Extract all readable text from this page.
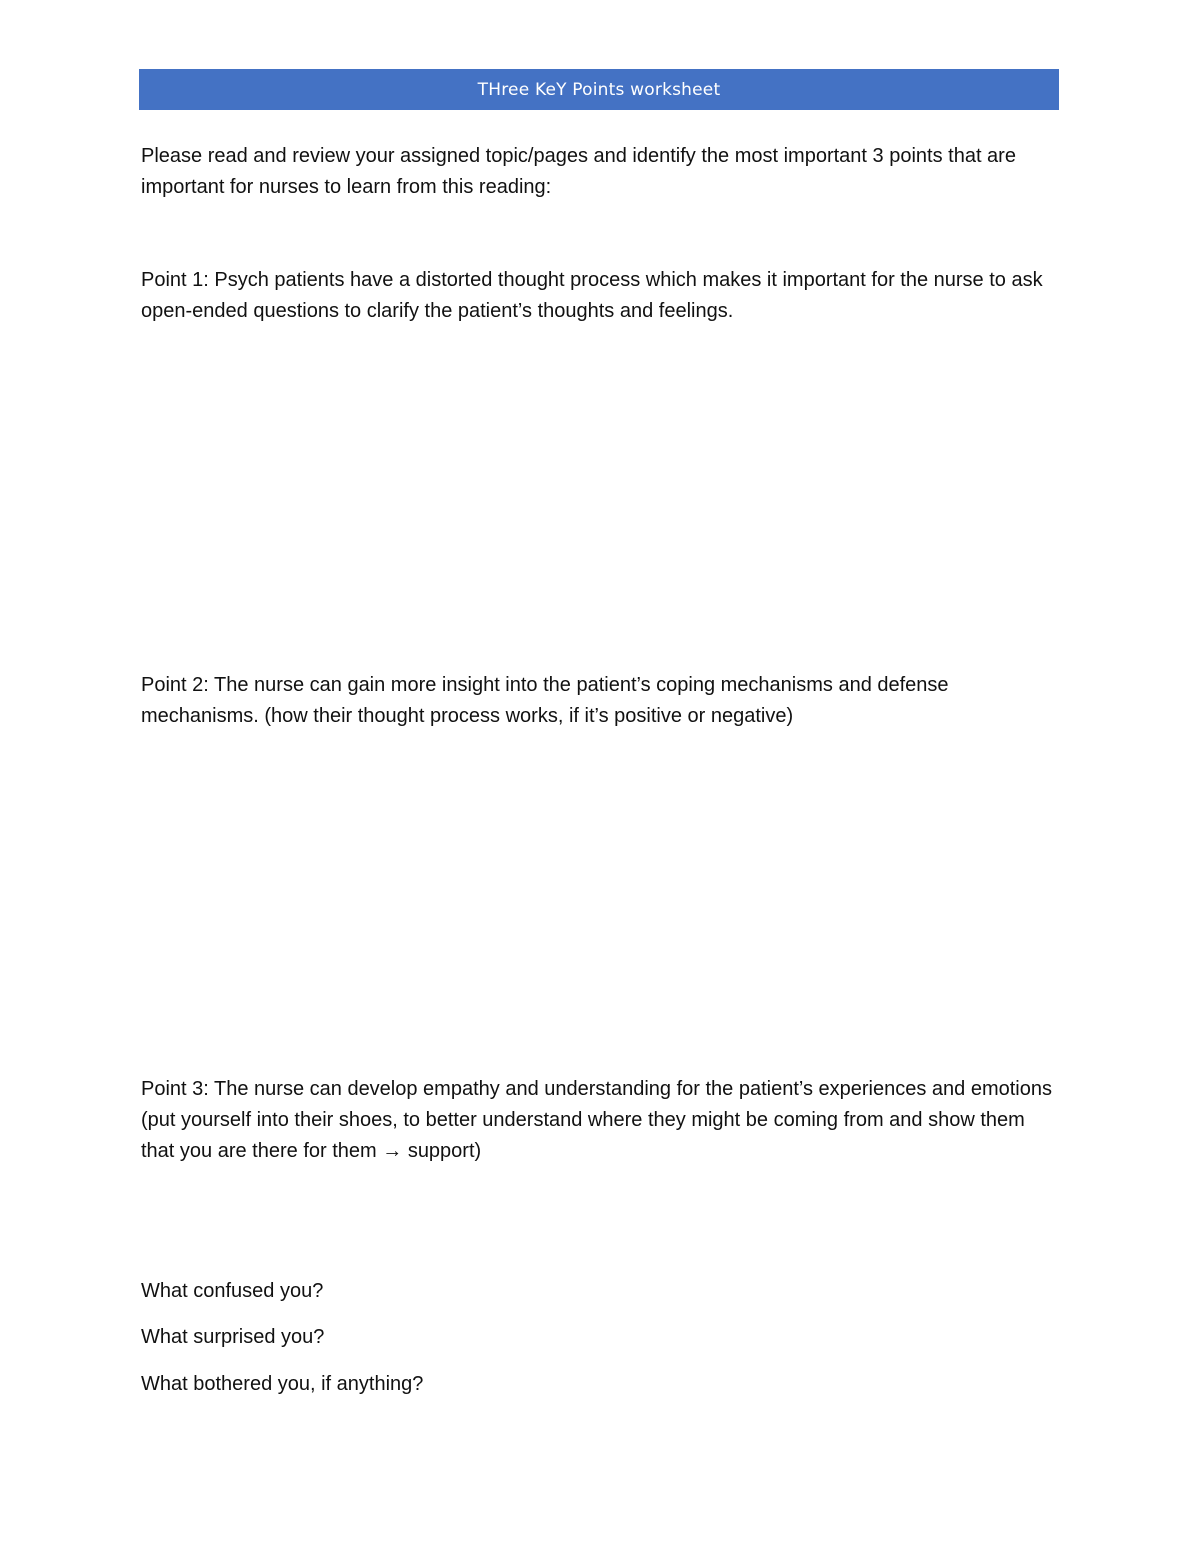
THree KeY Points worksheet

Please read and review your assigned topic/pages and identify the most important 3 points that are important for nurses to learn from this reading:

Point 1: Psych patients have a distorted thought process which makes it important for the nurse to ask open-ended questions to clarify the patient’s thoughts and feelings.

Point 2: The nurse can gain more insight into the patient’s coping mechanisms and defense mechanisms. (how their thought process works, if it’s positive or negative)

Point 3: The nurse can develop empathy and understanding for the patient’s experiences and emotions (put yourself into their shoes, to better understand where they might be coming from and show them that you are there for them → support)

What confused you?

What surprised you?

What bothered you, if anything?
